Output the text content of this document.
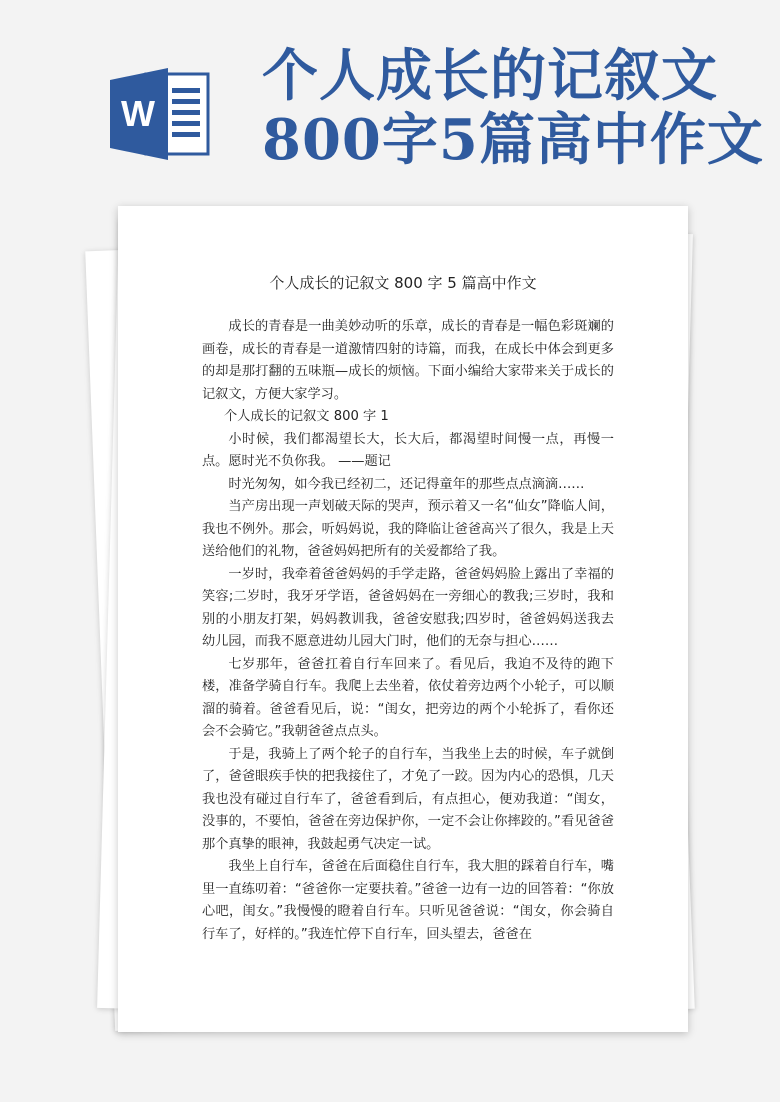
W
个人成长的记叙文
800字5篇高中作文
个人成长的记叙文 800 字 5 篇高中作文

成长的青春是一曲美妙动听的乐章，成长的青春是一幅色彩斑斓的画卷，成长的青春是一道激情四射的诗篇，而我，在成长中体会到更多的却是那打翻的五味瓶—成长的烦恼。下面小编给大家带来关于成长的记叙文，方便大家学习。

个人成长的记叙文 800 字 1

小时候，我们都渴望长大，长大后，都渴望时间慢一点，再慢一点。愿时光不负你我。 ——题记

时光匆匆，如今我已经初二，还记得童年的那些点点滴滴……

当产房出现一声划破天际的哭声，预示着又一名“仙女”降临人间，我也不例外。那会，听妈妈说，我的降临让爸爸高兴了很久，我是上天送给他们的礼物，爸爸妈妈把所有的关爱都给了我。

一岁时，我牵着爸爸妈妈的手学走路，爸爸妈妈脸上露出了幸福的笑容;二岁时，我牙牙学语，爸爸妈妈在一旁细心的教我;三岁时，我和别的小朋友打架，妈妈教训我，爸爸安慰我;四岁时，爸爸妈妈送我去幼儿园，而我不愿意进幼儿园大门时，他们的无奈与担心……

七岁那年，爸爸扛着自行车回来了。看见后，我迫不及待的跑下楼，准备学骑自行车。我爬上去坐着，依仗着旁边两个小轮子，可以顺溜的骑着。爸爸看见后，说：“闺女，把旁边的两个小轮拆了，看你还会不会骑它。”我朝爸爸点点头。

于是，我骑上了两个轮子的自行车，当我坐上去的时候，车子就倒了，爸爸眼疾手快的把我接住了，才免了一跤。因为内心的恐惧，几天我也没有碰过自行车了，爸爸看到后，有点担心，便劝我道：“闺女，没事的，不要怕，爸爸在旁边保护你，一定不会让你摔跤的。”看见爸爸那个真挚的眼神，我鼓起勇气决定一试。

我坐上自行车，爸爸在后面稳住自行车，我大胆的踩着自行车，嘴里一直练叨着：“爸爸你一定要扶着。”爸爸一边有一边的回答着：“你放心吧，闺女。”我慢慢的瞪着自行车。只听见爸爸说：“闺女，你会骑自行车了，好样的。”我连忙停下自行车，回头望去，爸爸在
